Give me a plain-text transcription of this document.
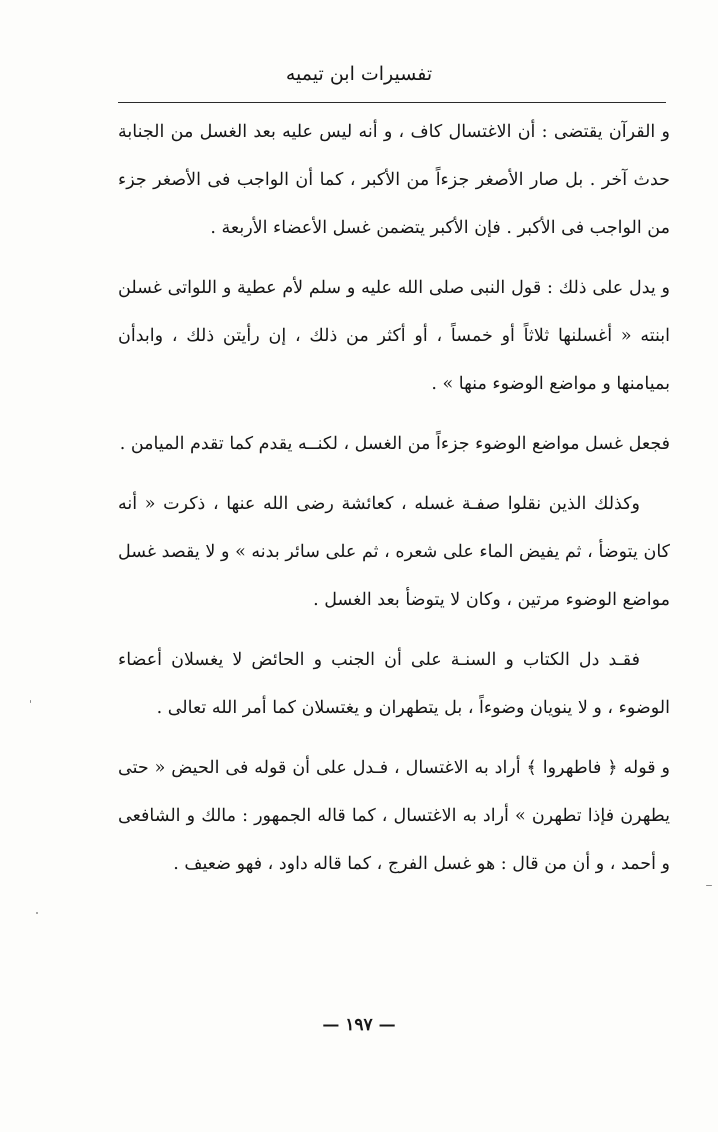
تفسيرات ابن تيميه

و القرآن يقتضى : أن الاغتسال كاف ، و أنه ليس عليه بعد الغسل من الجنابة حدث آخر . بل صار الأصغر جزءاً من الأكبر ، كما أن الواجب فى الأصغر جزء من الواجب فى الأكبر . فإن الأكبر يتضمن غسل الأعضاء الأربعة .

و يدل على ذلك : قول النبى صلى الله عليه و سلم لأم عطية و اللواتى غسلن ابنته « أغسلنها ثلاثاً أو خمساً ، أو أكثر من ذلك ، إن رأيتن ذلك ، وابدأن بميامنها و مواضع الوضوء منها » .

فجعل غسل مواضع الوضوء جزءاً من الغسل ، لكنــه يقدم كما تقدم الميامن .

وكذلك الذين نقلوا صفـة غسله ، كعائشة رضى الله عنها ، ذكرت « أنه كان يتوضأ ، ثم يفيض الماء على شعره ، ثم على سائر بدنه » و لا يقصد غسل مواضع الوضوء مرتين ، وكان لا يتوضأ بعد الغسل .

فقـد دل الكتاب و السنـة على أن الجنب و الحائض لا يغسلان أعضاء الوضوء ، و لا ينويان وضوءاً ، بل يتطهران و يغتسلان كما أمر الله تعالى .

و قوله ﴿ فاطهروا ﴾ أراد به الاغتسال ، فـدل على أن قوله فى الحيض « حتى يطهرن فإذا تطهرن » أراد به الاغتسال ، كما قاله الجمهور : مالك و الشافعى و أحمد ، و أن من قال : هو غسل الفرج ، كما قاله داود ، فهو ضعيف .

— ١٩٧ —
